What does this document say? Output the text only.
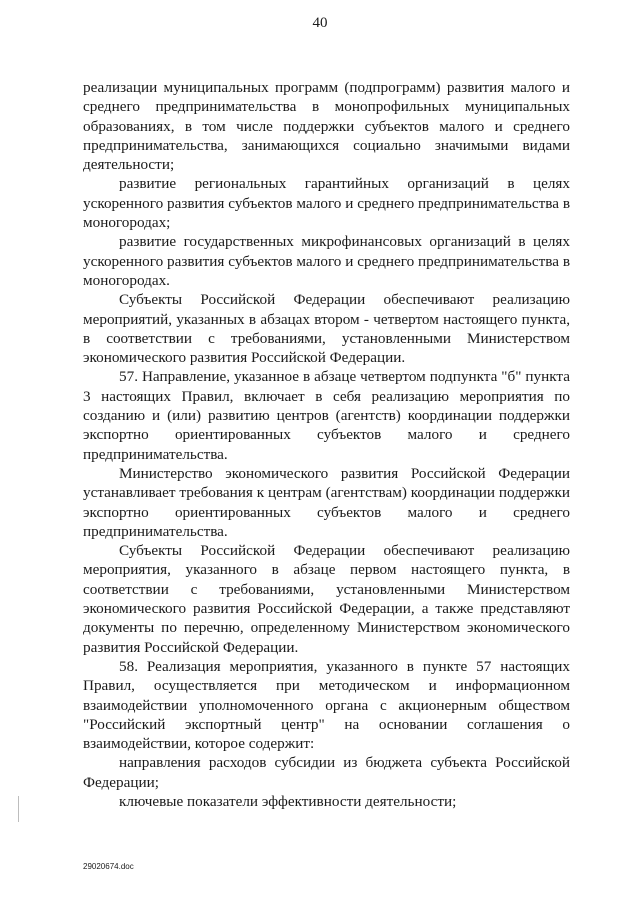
40

реализации муниципальных программ (подпрограмм) развития малого и среднего предпринимательства в монопрофильных муниципальных образованиях, в том числе поддержки субъектов малого и среднего предпринимательства, занимающихся социально значимыми видами деятельности;

развитие региональных гарантийных организаций в целях ускоренного развития субъектов малого и среднего предпринимательства в моногородах;

развитие государственных микрофинансовых организаций в целях ускоренного развития субъектов малого и среднего предпринимательства в моногородах.

Субъекты Российской Федерации обеспечивают реализацию мероприятий, указанных в абзацах втором - четвертом настоящего пункта, в соответствии с требованиями, установленными Министерством экономического развития Российской Федерации.

57. Направление, указанное в абзаце четвертом подпункта "б" пункта 3 настоящих Правил, включает в себя реализацию мероприятия по созданию и (или) развитию центров (агентств) координации поддержки экспортно ориентированных субъектов малого и среднего предпринимательства.

Министерство экономического развития Российской Федерации устанавливает требования к центрам (агентствам) координации поддержки экспортно ориентированных субъектов малого и среднего предпринимательства.

Субъекты Российской Федерации обеспечивают реализацию мероприятия, указанного в абзаце первом настоящего пункта, в соответствии с требованиями, установленными Министерством экономического развития Российской Федерации, а также представляют документы по перечню, определенному Министерством экономического развития Российской Федерации.

58. Реализация мероприятия, указанного в пункте 57 настоящих Правил, осуществляется при методическом и информационном взаимодействии уполномоченного органа с акционерным обществом "Российский экспортный центр" на основании соглашения о взаимодействии, которое содержит:

направления расходов субсидии из бюджета субъекта Российской Федерации;

ключевые показатели эффективности деятельности;

29020674.doc
